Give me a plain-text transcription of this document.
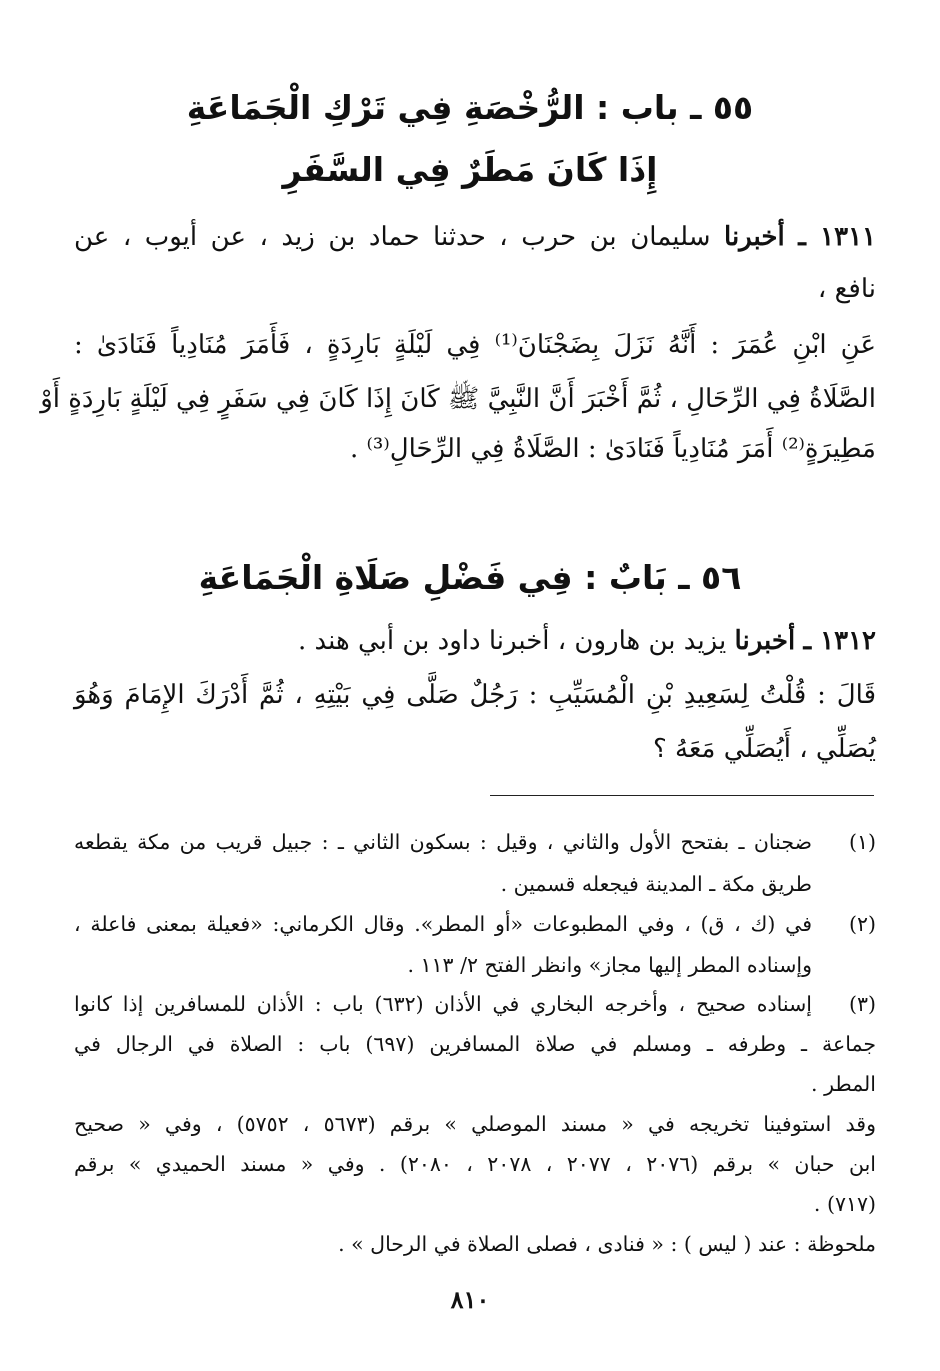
٥٥ ـ باب : الرُّخْصَةِ فِي تَرْكِ الْجَمَاعَةِ
إِذَا كَانَ مَطَرٌ فِي السَّفَرِ
١٣١١ ـ أخبرنا سليمان بن حرب ، حدثنا حماد بن زيد ، عن أيوب ، عن
نافع ،
عَنِ ابْنِ عُمَرَ : أَنَّهُ نَزَلَ بِضَجْنَانَ⁽¹⁾ فِي لَيْلَةٍ بَارِدَةٍ ، فَأَمَرَ مُنَادِياً فَنَادَىٰ :
الصَّلَاةُ فِي الرِّحَالِ ، ثُمَّ أَخْبَرَ أَنَّ النَّبِيَّ ﷺ كَانَ إِذَا كَانَ فِي سَفَرٍ فِي لَيْلَةٍ بَارِدَةٍ أَوْ
مَطِيرَةٍ⁽²⁾ أَمَرَ مُنَادِياً فَنَادَىٰ : الصَّلَاةُ فِي الرِّحَالِ⁽³⁾ .
٥٦ ـ بَابٌ : فِي فَضْلِ صَلَاةِ الْجَمَاعَةِ
١٣١٢ ـ أخبرنا يزيد بن هارون ، أخبرنا داود بن أبي هند .
قَالَ : قُلْتُ لِسَعِيدِ بْنِ الْمُسَيِّبِ : رَجُلٌ صَلَّى فِي بَيْتِهِ ، ثُمَّ أَدْرَكَ الإِمَامَ وَهُوَ
يُصَلِّي ، أَيُصَلِّي مَعَهُ ؟
(١)
ضجنان ـ بفتحح الأول والثاني ، وقيل : بسكون الثاني ـ : جبيل قريب من مكة يقطعه
طريق مكة ـ المدينة فيجعله قسمين .
(٢)
في (ك ، ق) ، وفي المطبوعات «أو المطر». وقال الكرماني: «فعيلة بمعنى فاعلة ،
وإسناده المطر إليها مجاز» وانظر الفتح ٢/ ١١٣ .
(٣)
إسناده صحيح ، وأخرجه البخاري في الأذان (٦٣٢) باب : الأذان للمسافرين إذا كانوا
جماعة ـ وطرفه ـ ومسلم في صلاة المسافرين (٦٩٧) باب : الصلاة في الرجال في
المطر .
وقد استوفينا تخريجه في « مسند الموصلي » برقم (٥٦٧٣ ، ٥٧٥٢) ، وفي « صحيح
ابن حبان » برقم (٢٠٧٦ ، ٢٠٧٧ ، ٢٠٧٨ ، ٢٠٨٠) . وفي « مسند الحميدي » برقم
(٧١٧) .
ملحوظة : عند ( ليس ) : « فنادى ، فصلى الصلاة في الرحال » .
٨١٠
